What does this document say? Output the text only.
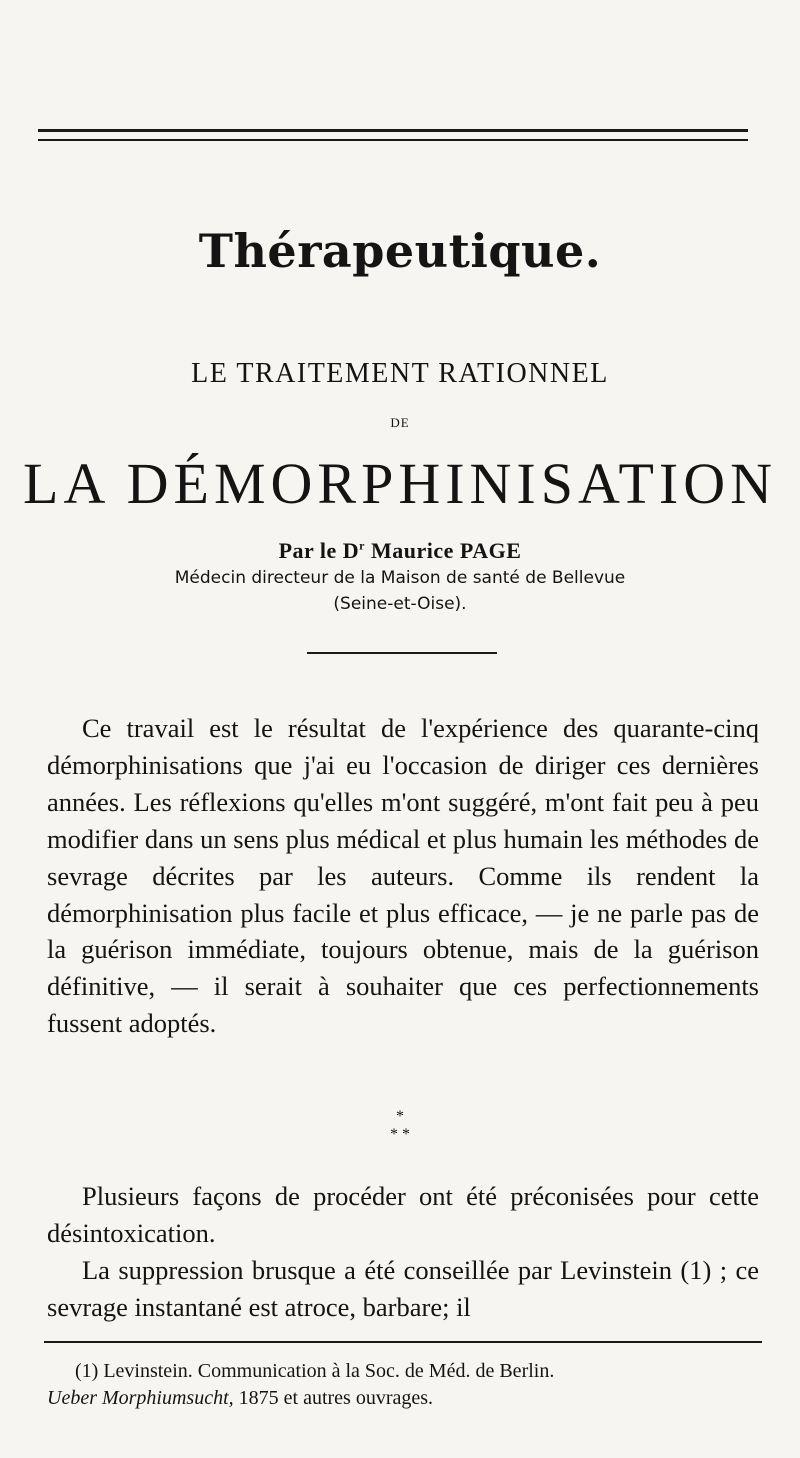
Thérapeutique.
LE TRAITEMENT RATIONNEL
DE
LA DÉMORPHINISATION
Par le $D^r$ Maurice PAGE
Médecin directeur de la Maison de santé de Bellevue
(Seine-et-Oise).

Ce travail est le résultat de l'expérience des quarante-cinq démorphinisations que j'ai eu l'occasion de diriger ces dernières années. Les réflexions qu'elles m'ont suggéré, m'ont fait peu à peu modifier dans un sens plus médical et plus humain les méthodes de sevrage décrites par les auteurs. Comme ils rendent la démorphinisation plus facile et plus efficace, — je ne parle pas de la guérison immédiate, toujours obtenue, mais de la guérison définitive, — il serait à souhaiter que ces perfectionnements fussent adoptés.

*
* *

Plusieurs façons de procéder ont été préconisées pour cette désintoxication.

La suppression brusque a été conseillée par Levinstein (1) ; ce sevrage instantané est atroce, barbare; il

(1) Levinstein. Communication à la Soc. de Méd. de Berlin.
Ueber Morphiumsucht, 1875 et autres ouvrages.
